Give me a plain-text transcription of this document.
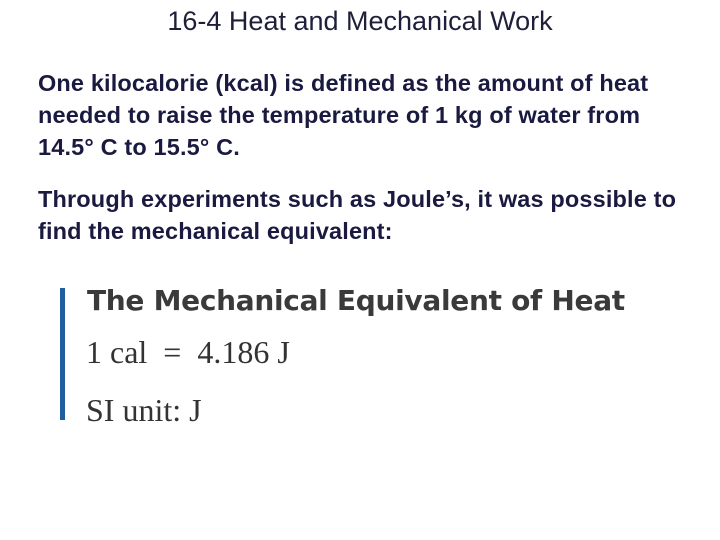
16-4 Heat and Mechanical Work
One kilocalorie (kcal) is defined as the amount of heat needed to raise the temperature of 1 kg of water from 14.5° C to 15.5° C.
Through experiments such as Joule’s, it was possible to find the mechanical equivalent:
The Mechanical Equivalent of Heat
1 cal = 4.186 J
SI unit: J
